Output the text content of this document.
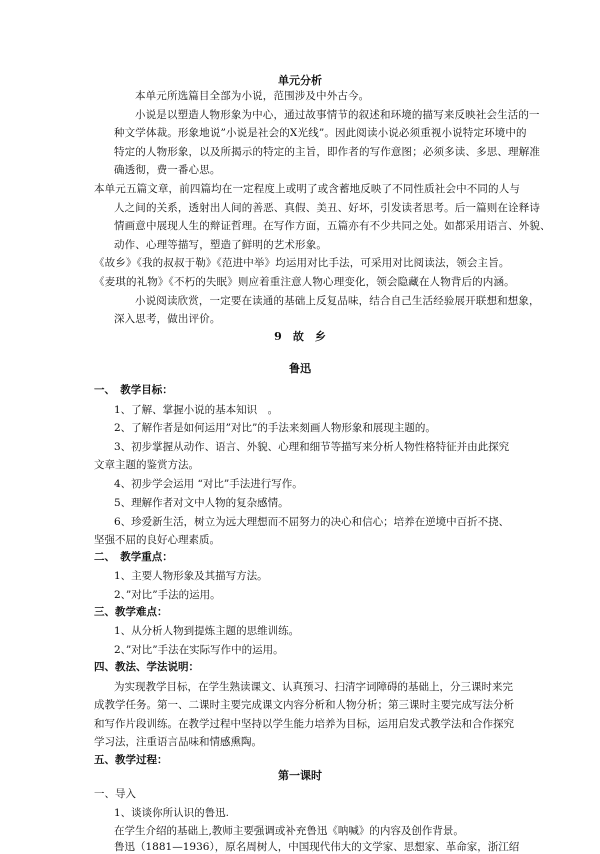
单元分析
本单元所选篇目全部为小说，范围涉及中外古今。
小说是以塑造人物形象为中心，通过故事情节的叙述和环境的描写来反映社会生活的一
种文学体裁。形象地说”小说是社会的Χ光线”。因此阅读小说必须重视小说特定环境中的
特定的人物形象，以及所揭示的特定的主旨，即作者的写作意图；必须多读、多思、理解准
确透彻，费一番心思。
本单元五篇文章，前四篇均在一定程度上或明了或含蓄地反映了不同性质社会中不同的人与
人之间的关系，透射出人间的善恶、真假、美丑、好坏，引发读者思考。后一篇则在诠释诗
情画意中展现人生的辩证哲理。在写作方面，五篇亦有不少共同之处。如都采用语言、外貌、
动作、心理等描写，塑造了鲜明的艺术形象。
《故乡》《我的叔叔于勒》《范进中举》均运用对比手法，可采用对比阅读法，领会主旨。
《麦琪的礼物》《不朽的失眠》则应着重注意人物心理变化，领会隐藏在人物背后的内涵。
小说阅读欣赏，一定要在读通的基础上反复品味，结合自己生活经验展开联想和想象，
深入思考，做出评价。
9　故　乡
鲁迅
一、　教学目标：
1、了解、掌握小说的基本知识　。
2、了解作者是如何运用”对比”的手法来刻画人物形象和展现主题的。
3、初步掌握从动作、语言、外貌、心理和细节等描写来分析人物性格特征并由此探究
文章主题的鉴赏方法。
4、初步学会运用 “对比”手法进行写作。
5、理解作者对文中人物的复杂感情。
6、珍爱新生活，树立为远大理想而不屈努力的决心和信心；培养在逆境中百折不挠、
坚强不屈的良好心理素质。
二、　教学重点：
1、主要人物形象及其描写方法。
2、”对比”手法的运用。
三、教学难点：
1、从分析人物到提炼主题的思维训练。
2、”对比”手法在实际写作中的运用。
四、教法、学法说明：
为实现教学目标，在学生熟读课文、认真预习、扫清字词障碍的基础上，分三课时来完
成教学任务。第一、二课时主要完成课文内容分析和人物分析；第三课时主要完成写法分析
和写作片段训练。在教学过程中坚持以学生能力培养为目标，运用启发式教学法和合作探究
学习法，注重语言品味和情感熏陶。
五、教学过程：
第一课时
一、导入
1、谈谈你所认识的鲁迅.
在学生介绍的基础上,教师主要强调或补充鲁迅《呐喊》的内容及创作背景。
鲁迅（1881—1936），原名周树人，中国现代伟大的文学家、思想家、革命家，浙江绍
